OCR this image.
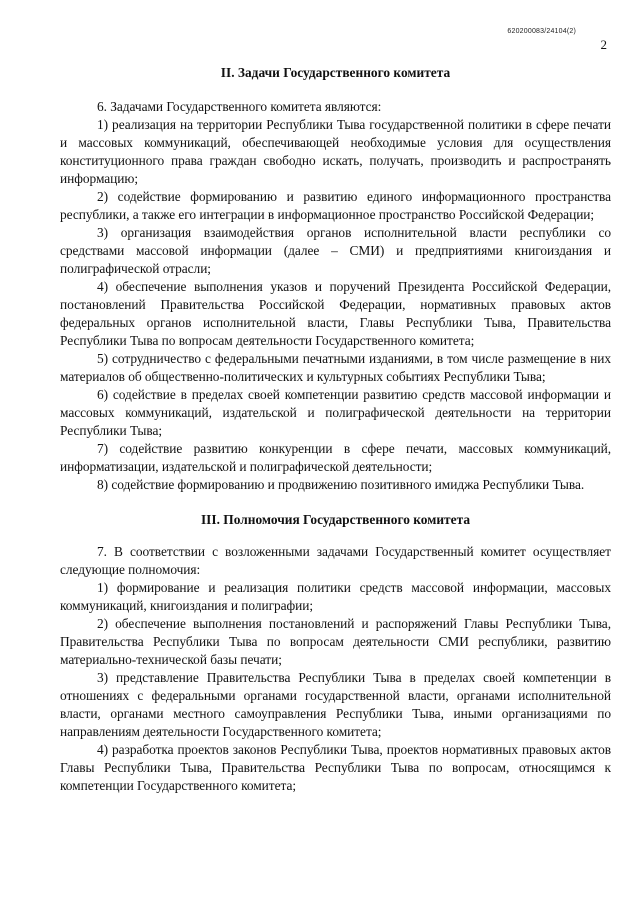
620200083/24104(2)
2
II. Задачи Государственного комитета

6. Задачами Государственного комитета являются:

1) реализация на территории Республики Тыва государственной политики в сфере печати и массовых коммуникаций, обеспечивающей необходимые условия для осуществления конституционного права граждан свободно искать, получать, производить и распространять информацию;

2) содействие формированию и развитию единого информационного пространства республики, а также его интеграции в информационное пространство Российской Федерации;

3) организация взаимодействия органов исполнительной власти республики со средствами массовой информации (далее – СМИ) и предприятиями книгоиздания и полиграфической отрасли;

4) обеспечение выполнения указов и поручений Президента Российской Федерации, постановлений Правительства Российской Федерации, нормативных правовых актов федеральных органов исполнительной власти, Главы Республики Тыва, Правительства Республики Тыва по вопросам деятельности Государственного комитета;

5) сотрудничество с федеральными печатными изданиями, в том числе размещение в них материалов об общественно-политических и культурных событиях Республики Тыва;

6) содействие в пределах своей компетенции развитию средств массовой информации и массовых коммуникаций, издательской и полиграфической деятельности на территории Республики Тыва;

7) содействие развитию конкуренции в сфере печати, массовых коммуникаций, информатизации, издательской и полиграфической деятельности;

8) содействие формированию и продвижению позитивного имиджа Республики Тыва.

III. Полномочия Государственного комитета

7. В соответствии с возложенными задачами Государственный комитет осуществляет следующие полномочия:

1) формирование и реализация политики средств массовой информации, массовых коммуникаций, книгоиздания и полиграфии;

2) обеспечение выполнения постановлений и распоряжений Главы Республики Тыва, Правительства Республики Тыва по вопросам деятельности СМИ республики, развитию материально-технической базы печати;

3) представление Правительства Республики Тыва в пределах своей компетенции в отношениях с федеральными органами государственной власти, органами исполнительной власти, органами местного самоуправления Республики Тыва, иными организациями по направлениям деятельности Государственного комитета;

4) разработка проектов законов Республики Тыва, проектов нормативных правовых актов Главы Республики Тыва, Правительства Республики Тыва по вопросам, относящимся к компетенции Государственного комитета;
